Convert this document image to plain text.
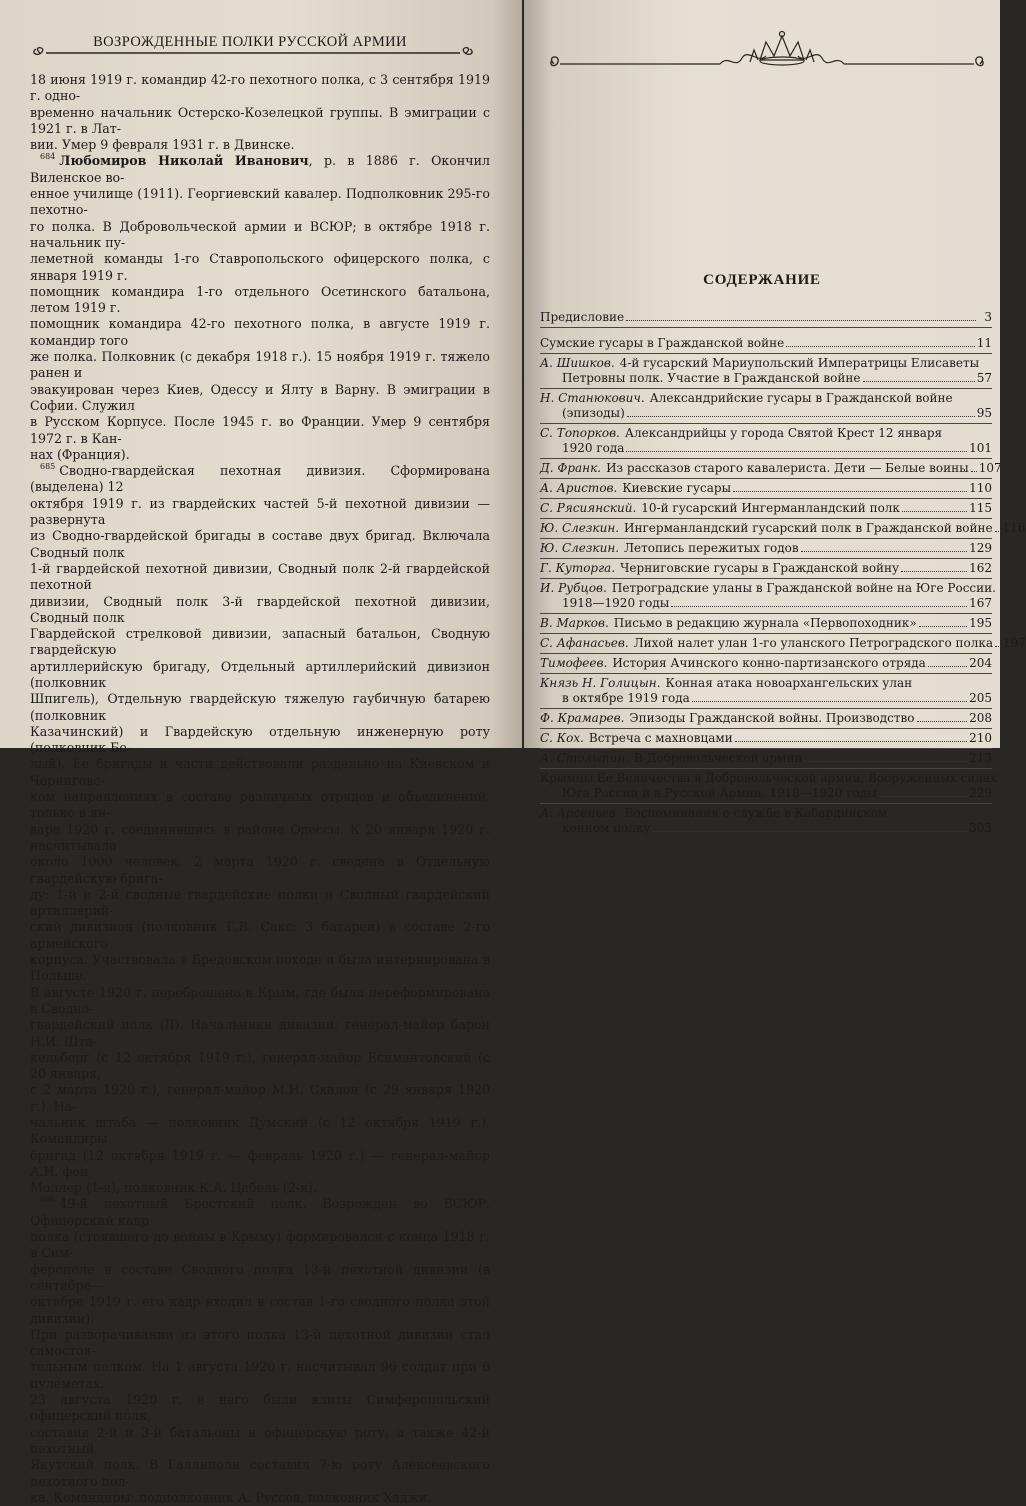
ВОЗРОЖДЕННЫЕ ПОЛКИ РУССКОЙ АРМИИ
18 июня 1919 г. командир 42-го пехотного полка, с 3 сентября 1919 г. одно-
временно начальник Остерско-Козелецкой группы. В эмиграции с 1921 г. в Лат-
вии. Умер 9 февраля 1931 г. в Двинске.
$^{684}$ Любомиров Николай Иванович, р. в 1886 г. Окончил Виленское во-
енное училище (1911). Георгиевский кавалер. Подполковник 295-го пехотно-
го полка. В Добровольческой армии и ВСЮР; в октябре 1918 г. начальник пу-
леметной команды 1-го Ставропольского офицерского полка, с января 1919 г.
помощник командира 1-го отдельного Осетинского батальона, летом 1919 г.
помощник командира 42-го пехотного полка, в августе 1919 г. командир того
же полка. Полковник (с декабря 1918 г.). 15 ноября 1919 г. тяжело ранен и
эвакуирован через Киев, Одессу и Ялту в Варну. В эмиграции в Софии. Служил
в Русском Корпусе. После 1945 г. во Франции. Умер 9 сентября 1972 г. в Кан-
нах (Франция).
$^{685}$ Сводно-гвардейская пехотная дивизия. Сформирована (выделена) 12
октября 1919 г. из гвардейских частей 5-й пехотной дивизии — развернута
из Сводно-гвардейской бригады в составе двух бригад. Включала Сводный полк
1-й гвардейской пехотной дивизии, Сводный полк 2-й гвардейской пехотной
дивизии, Сводный полк 3-й гвардейской пехотной дивизии, Сводный полк
Гвардейской стрелковой дивизии, запасный батальон, Сводную гвардейскую
артиллерийскую бригаду, Отдельный артиллерийский дивизион (полковник
Шпигель), Отдельную гвардейскую тяжелую гаубичную батарею (полковник
Казачинский) и Гвардейскую отдельную инженерную роту (полковник Бе-
лый). Ее бригады и части действовали раздельно на Киевском и Черниговс-
ком направлениях в составе различных отрядов и объединений, только в ян-
варе 1920 г. соединившись в районе Одессы. К 20 января 1920 г. насчитывала
около 1000 человек. 2 марта 1920 г. сведена в Отдельную гвардейскую брига-
ду: 1-й и 2-й сводные гвардейские полки и Сводный гвардейский артиллерий-
ский дивизион (полковник Г.В. Сакс; 3 батареи) в составе 2-го армейского
корпуса. Участвовала в Бредовском походе и была интернирована в Польше.
В августе 1920 г. переброшена в Крым, где была переформирована в Сводно-
гвардейский полк (II). Начальники дивизии: генерал-майор барон Н.И. Шта-
кельберг (с 12 октября 1919 г.), генерал-майор Есимантовский (с 20 января,
с 2 марта 1920 г.), генерал-майор М.Н. Скалон (с 29 января 1920 г.). На-
чальник штаба — полковник Думский (с 12 октября 1919 г.). Командиры
бригад (12 октября 1919 г. — февраль 1920 г.) — генерал-майор А.Н. фон
Моллер (1-я), полковник К.А. Цабель (2-я).
$^{686}$ 49-й пехотный Брестский полк. Возрожден во ВСЮР. Офицерский кадр
полка (стоявшего до войны в Крыму) формировался с конца 1918 г. в Сим-
ферополе в составе Сводного полка 13-й пехотной дивизии (в сентябре—
октябре 1919 г. его кадр входил в состав 1-го сводного полка этой дивизии).
При разворачивании из этого полка 13-й пехотной дивизии стал самостоя-
тельным полком. На 1 августа 1920 г. насчитывал 96 солдат при 6 пулеметах.
23 августа 1920 г. в него были влиты Симферопольский офицерский полк,
составив 2-й и 3-й батальоны и офицерскую роту, а также 42-й пехотный
Якутский полк. В Галлиполи составил 7-ю роту Алексеевского пехотного пол-
ка. Командиры: подполковник А. Руссов, полковник Хаджи.
СОДЕРЖАНИЕ
Предисловие	3
Сумские гусары в Гражданской войне	11
А. Шишков. 4-й гусарский Мариупольский Императрицы Елисаветы
Петровны полк. Участие в Гражданской войне	57
Н. Станюкович. Александрийские гусары в Гражданской войне
(эпизоды)	95
С. Топорков. Александрийцы у города Святой Крест 12 января
1920 года	101
Д. Франк. Из рассказов старого кавалериста. Дети — Белые воины 107
А. Аристов. Киевские гусары	110
С. Рясиянский. 10-й гусарский Ингерманландский полк	115
Ю. Слезкин. Ингерманландский гусарский полк в Гражданской войне 116
Ю. Слезкин. Летопись пережитых годов	129
Г. Куторга. Черниговские гусары в Гражданской войну	162
И. Рубцов. Петроградские уланы в Гражданской войне на Юге России.
1918—1920 годы	167
В. Марков. Письмо в редакцию журнала «Первопоходник»	195
С. Афанасьев. Лихой налет улан 1-го уланского Петроградского полка 197
Тимофеев. История Ачинского конно-партизанского отряда	204
Князь Н. Голицын. Конная атака новоархангельских улан
в октябре 1919 года	205
Ф. Крамарев. Эпизоды Гражданской войны. Производство	208
С. Кох. Встреча с махновцами	210
А. Столыпин. В Добровольческой армии	213
Крымцы Ее Величества в Добровольческой армии, Вооруженных силах
Юга России и в Русской Армии. 1918—1920 годы	229
А. Арсеньев. Воспоминания о службе в Кабардинском
конном полку	303
